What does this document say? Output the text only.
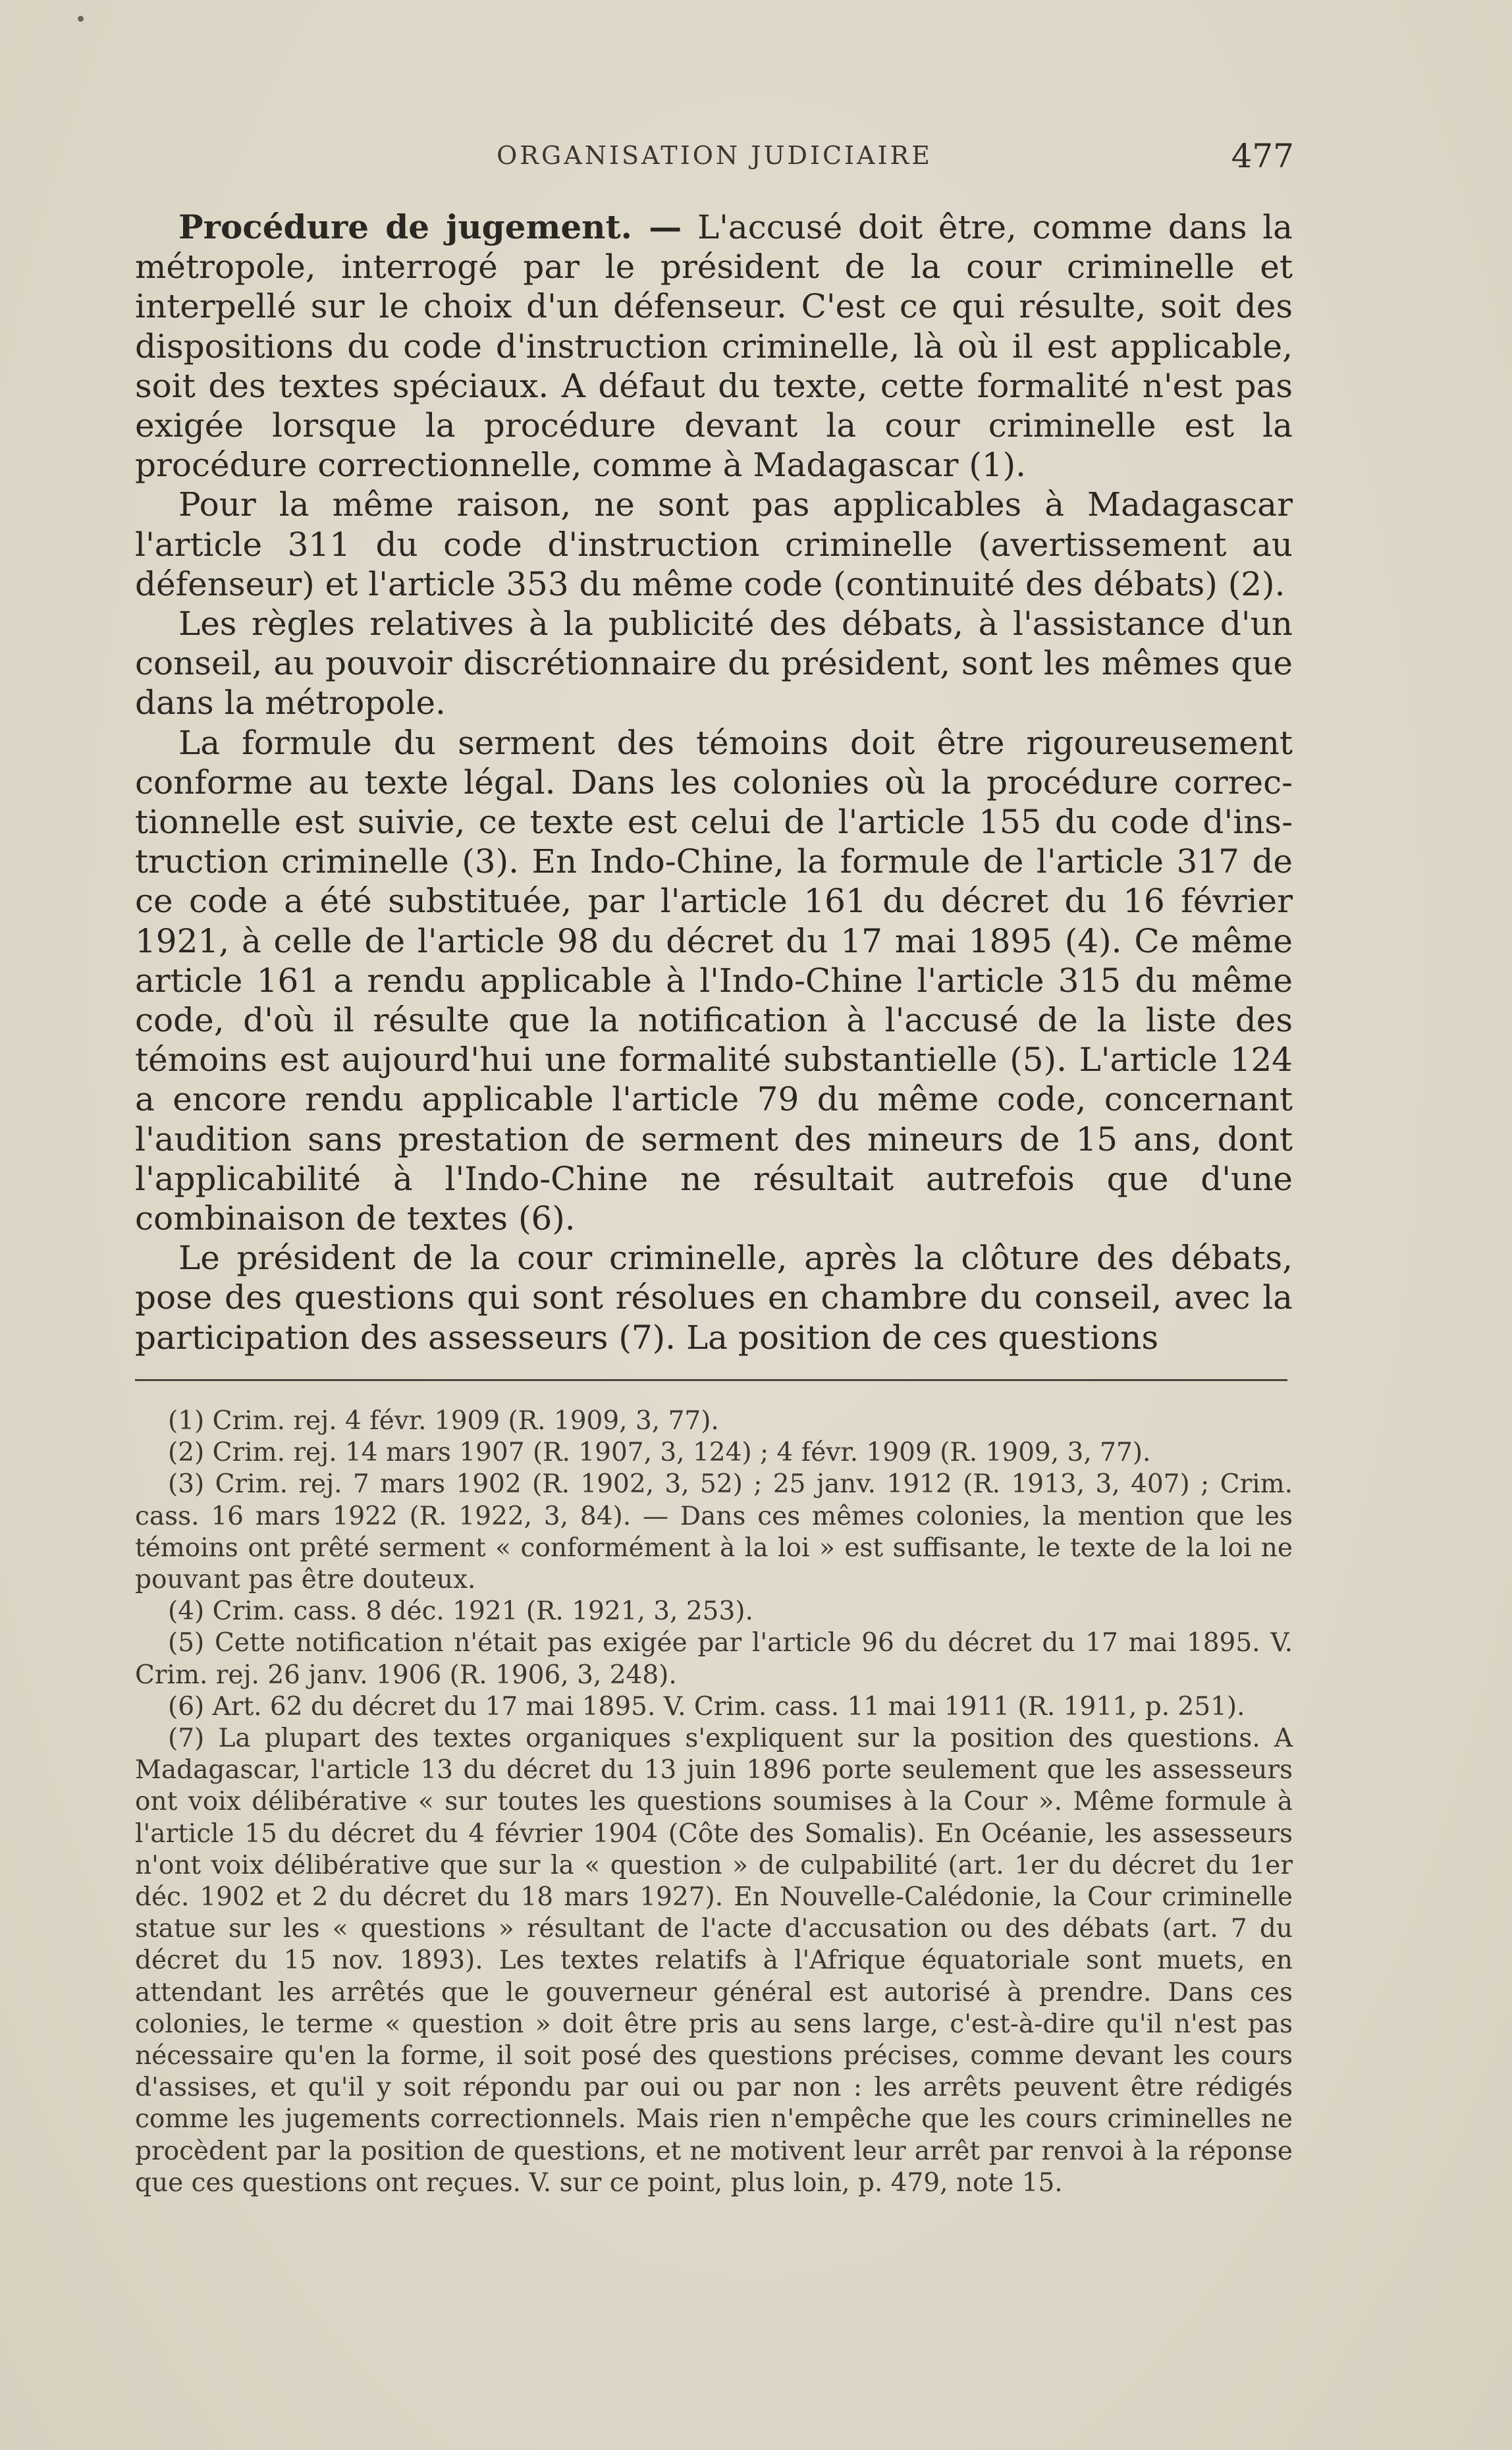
ORGANISATION JUDICIAIRE	477

Procédure de jugement. — L'accusé doit être, comme dans la métropole, interrogé par le président de la cour criminelle et interpellé sur le choix d'un défenseur. C'est ce qui résulte, soit des dispositions du code d'instruction criminelle, là où il est applicable, soit des textes spéciaux. A défaut du texte, cette formalité n'est pas exigée lorsque la procédure devant la cour criminelle est la procédure correctionnelle, comme à Madagascar (1).

Pour la même raison, ne sont pas applicables à Madagascar l'article 311 du code d'instruction criminelle (avertissement au défenseur) et l'article 353 du même code (continuité des débats) (2).

Les règles relatives à la publicité des débats, à l'assistance d'un conseil, au pouvoir discrétionnaire du président, sont les mêmes que dans la métropole.

La formule du serment des témoins doit être rigoureusement conforme au texte légal. Dans les colonies où la procédure correctionnelle est suivie, ce texte est celui de l'article 155 du code d'instruction criminelle (3). En Indo-Chine, la formule de l'article 317 de ce code a été substituée, par l'article 161 du décret du 16 février 1921, à celle de l'article 98 du décret du 17 mai 1895 (4). Ce même article 161 a rendu applicable à l'Indo-Chine l'article 315 du même code, d'où il résulte que la notification à l'accusé de la liste des témoins est aujourd'hui une formalité substantielle (5). L'article 124 a encore rendu applicable l'article 79 du même code, concernant l'audition sans prestation de serment des mineurs de 15 ans, dont l'applicabilité à l'Indo-Chine ne résultait autrefois que d'une combinaison de textes (6).

Le président de la cour criminelle, après la clôture des débats, pose des questions qui sont résolues en chambre du conseil, avec la participation des assesseurs (7). La position de ces questions

(1) Crim. rej. 4 févr. 1909 (R. 1909, 3, 77).

(2) Crim. rej. 14 mars 1907 (R. 1907, 3, 124) ; 4 févr. 1909 (R. 1909, 3, 77).

(3) Crim. rej. 7 mars 1902 (R. 1902, 3, 52) ; 25 janv. 1912 (R. 1913, 3, 407) ; Crim. cass. 16 mars 1922 (R. 1922, 3, 84). — Dans ces mêmes colonies, la mention que les témoins ont prêté serment « conformément à la loi » est suffisante, le texte de la loi ne pouvant pas être douteux.

(4) Crim. cass. 8 déc. 1921 (R. 1921, 3, 253).

(5) Cette notification n'était pas exigée par l'article 96 du décret du 17 mai 1895. V. Crim. rej. 26 janv. 1906 (R. 1906, 3, 248).

(6) Art. 62 du décret du 17 mai 1895. V. Crim. cass. 11 mai 1911 (R. 1911, p. 251).

(7) La plupart des textes organiques s'expliquent sur la position des questions. A Madagascar, l'article 13 du décret du 13 juin 1896 porte seulement que les assesseurs ont voix délibérative « sur toutes les questions soumises à la Cour ». Même formule à l'article 15 du décret du 4 février 1904 (Côte des Somalis). En Océanie, les assesseurs n'ont voix délibérative que sur la « question » de culpabilité (art. 1er du décret du 1er déc. 1902 et 2 du décret du 18 mars 1927). En Nouvelle-Calédonie, la Cour criminelle statue sur les « questions » résultant de l'acte d'accusation ou des débats (art. 7 du décret du 15 nov. 1893). Les textes relatifs à l'Afrique équatoriale sont muets, en attendant les arrêtés que le gouverneur général est autorisé à prendre. Dans ces colonies, le terme « question » doit être pris au sens large, c'est-à-dire qu'il n'est pas nécessaire qu'en la forme, il soit posé des questions précises, comme devant les cours d'assises, et qu'il y soit répondu par oui ou par non : les arrêts peuvent être rédigés comme les jugements correctionnels. Mais rien n'empêche que les cours criminelles ne procèdent par la position de questions, et ne motivent leur arrêt par renvoi à la réponse que ces questions ont reçues. V. sur ce point, plus loin, p. 479, note 15.
